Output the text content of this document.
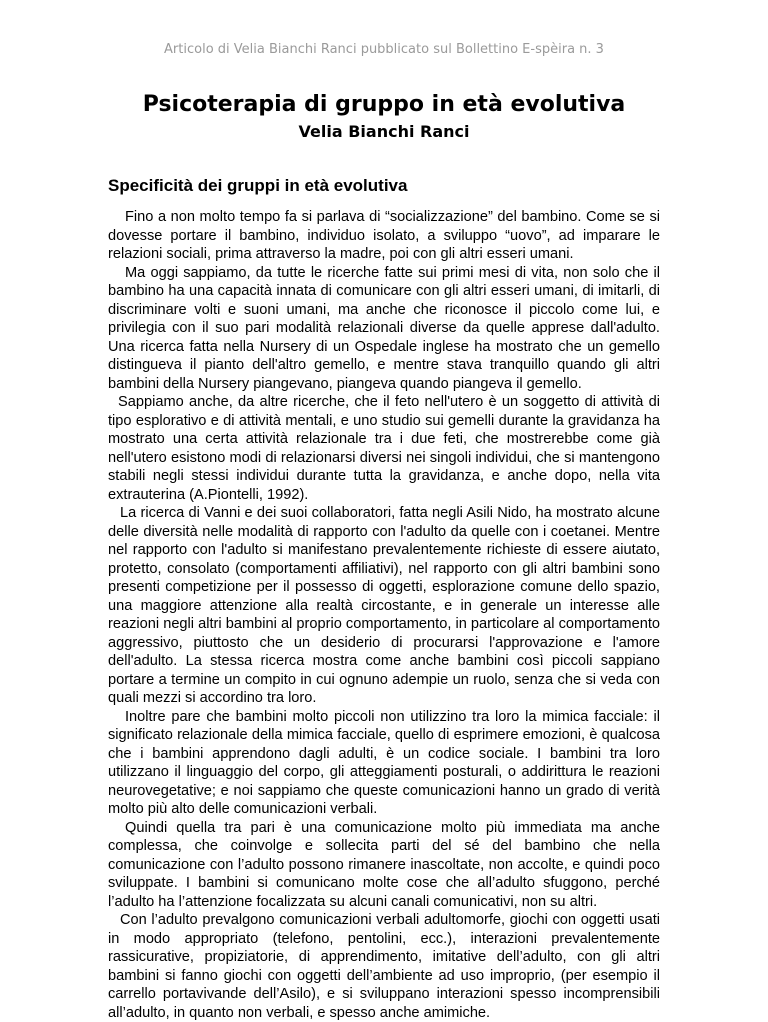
Articolo di Velia Bianchi Ranci pubblicato sul Bollettino E-spèira n. 3
Psicoterapia di gruppo in età evolutiva
Velia Bianchi Ranci
Specificità dei gruppi in età evolutiva

Fino a non molto tempo fa si parlava di “socializzazione” del bambino. Come se si dovesse portare il bambino, individuo isolato, a sviluppo “uovo”, ad imparare le relazioni sociali, prima attraverso la madre, poi con gli altri esseri umani.

Ma oggi sappiamo, da tutte le ricerche fatte sui primi mesi di vita, non solo che il bambino ha una capacità innata di comunicare con gli altri esseri umani, di imitarli, di discriminare volti e suoni umani, ma anche che riconosce il piccolo come lui, e privilegia con il suo pari modalità relazionali diverse da quelle apprese dall'adulto. Una ricerca fatta nella Nursery di un Ospedale inglese ha mostrato che un gemello distingueva il pianto dell'altro gemello, e mentre stava tranquillo quando gli altri bambini della Nursery piangevano, piangeva quando piangeva il gemello.

Sappiamo anche, da altre ricerche, che il feto nell'utero è un soggetto di attività di tipo esplorativo e di attività mentali, e uno studio sui gemelli durante la gravidanza ha mostrato una certa attività relazionale tra i due feti, che mostrerebbe come già nell'utero esistono modi di relazionarsi diversi nei singoli individui, che si mantengono stabili negli stessi individui durante tutta la gravidanza, e anche dopo, nella vita extrauterina (A.Piontelli, 1992).

La ricerca di Vanni e dei suoi collaboratori, fatta negli Asili Nido, ha mostrato alcune delle diversità nelle modalità di rapporto con l'adulto da quelle con i coetanei. Mentre nel rapporto con l'adulto si manifestano prevalentemente richieste di essere aiutato, protetto, consolato (comportamenti affiliativi), nel rapporto con gli altri bambini sono presenti competizione per il possesso di oggetti, esplorazione comune dello spazio, una maggiore attenzione alla realtà circostante, e in generale un interesse alle reazioni negli altri bambini al proprio comportamento, in particolare al comportamento aggressivo, piuttosto che un desiderio di procurarsi l'approvazione e l'amore dell'adulto. La stessa ricerca mostra come anche bambini così piccoli sappiano portare a termine un compito in cui ognuno adempie un ruolo, senza che si veda con quali mezzi si accordino tra loro.

Inoltre pare che bambini molto piccoli non utilizzino tra loro la mimica facciale: il significato relazionale della mimica facciale, quello di esprimere emozioni, è qualcosa che i bambini apprendono dagli adulti, è un codice sociale. I bambini tra loro utilizzano il linguaggio del corpo, gli atteggiamenti posturali, o addirittura le reazioni neurovegetative; e noi sappiamo che queste comunicazioni hanno un grado di verità molto più alto delle comunicazioni verbali.

Quindi quella tra pari è una comunicazione molto più immediata ma anche complessa, che coinvolge e sollecita parti del sé del bambino che nella comunicazione con l’adulto possono rimanere inascoltate, non accolte, e quindi poco sviluppate. I bambini si comunicano molte cose che all’adulto sfuggono, perché l’adulto ha l’attenzione focalizzata su alcuni canali comunicativi, non su altri.

Con l’adulto prevalgono comunicazioni verbali adultomorfe, giochi con oggetti usati in modo appropriato (telefono, pentolini, ecc.), interazioni prevalentemente rassicurative, propiziatorie, di apprendimento, imitative dell’adulto, con gli altri bambini si fanno giochi con oggetti dell’ambiente ad uso improprio, (per esempio il carrello portavivande dell’Asilo), e si sviluppano interazioni spesso incomprensibili all’adulto, in quanto non verbali, e spesso anche amimiche.
